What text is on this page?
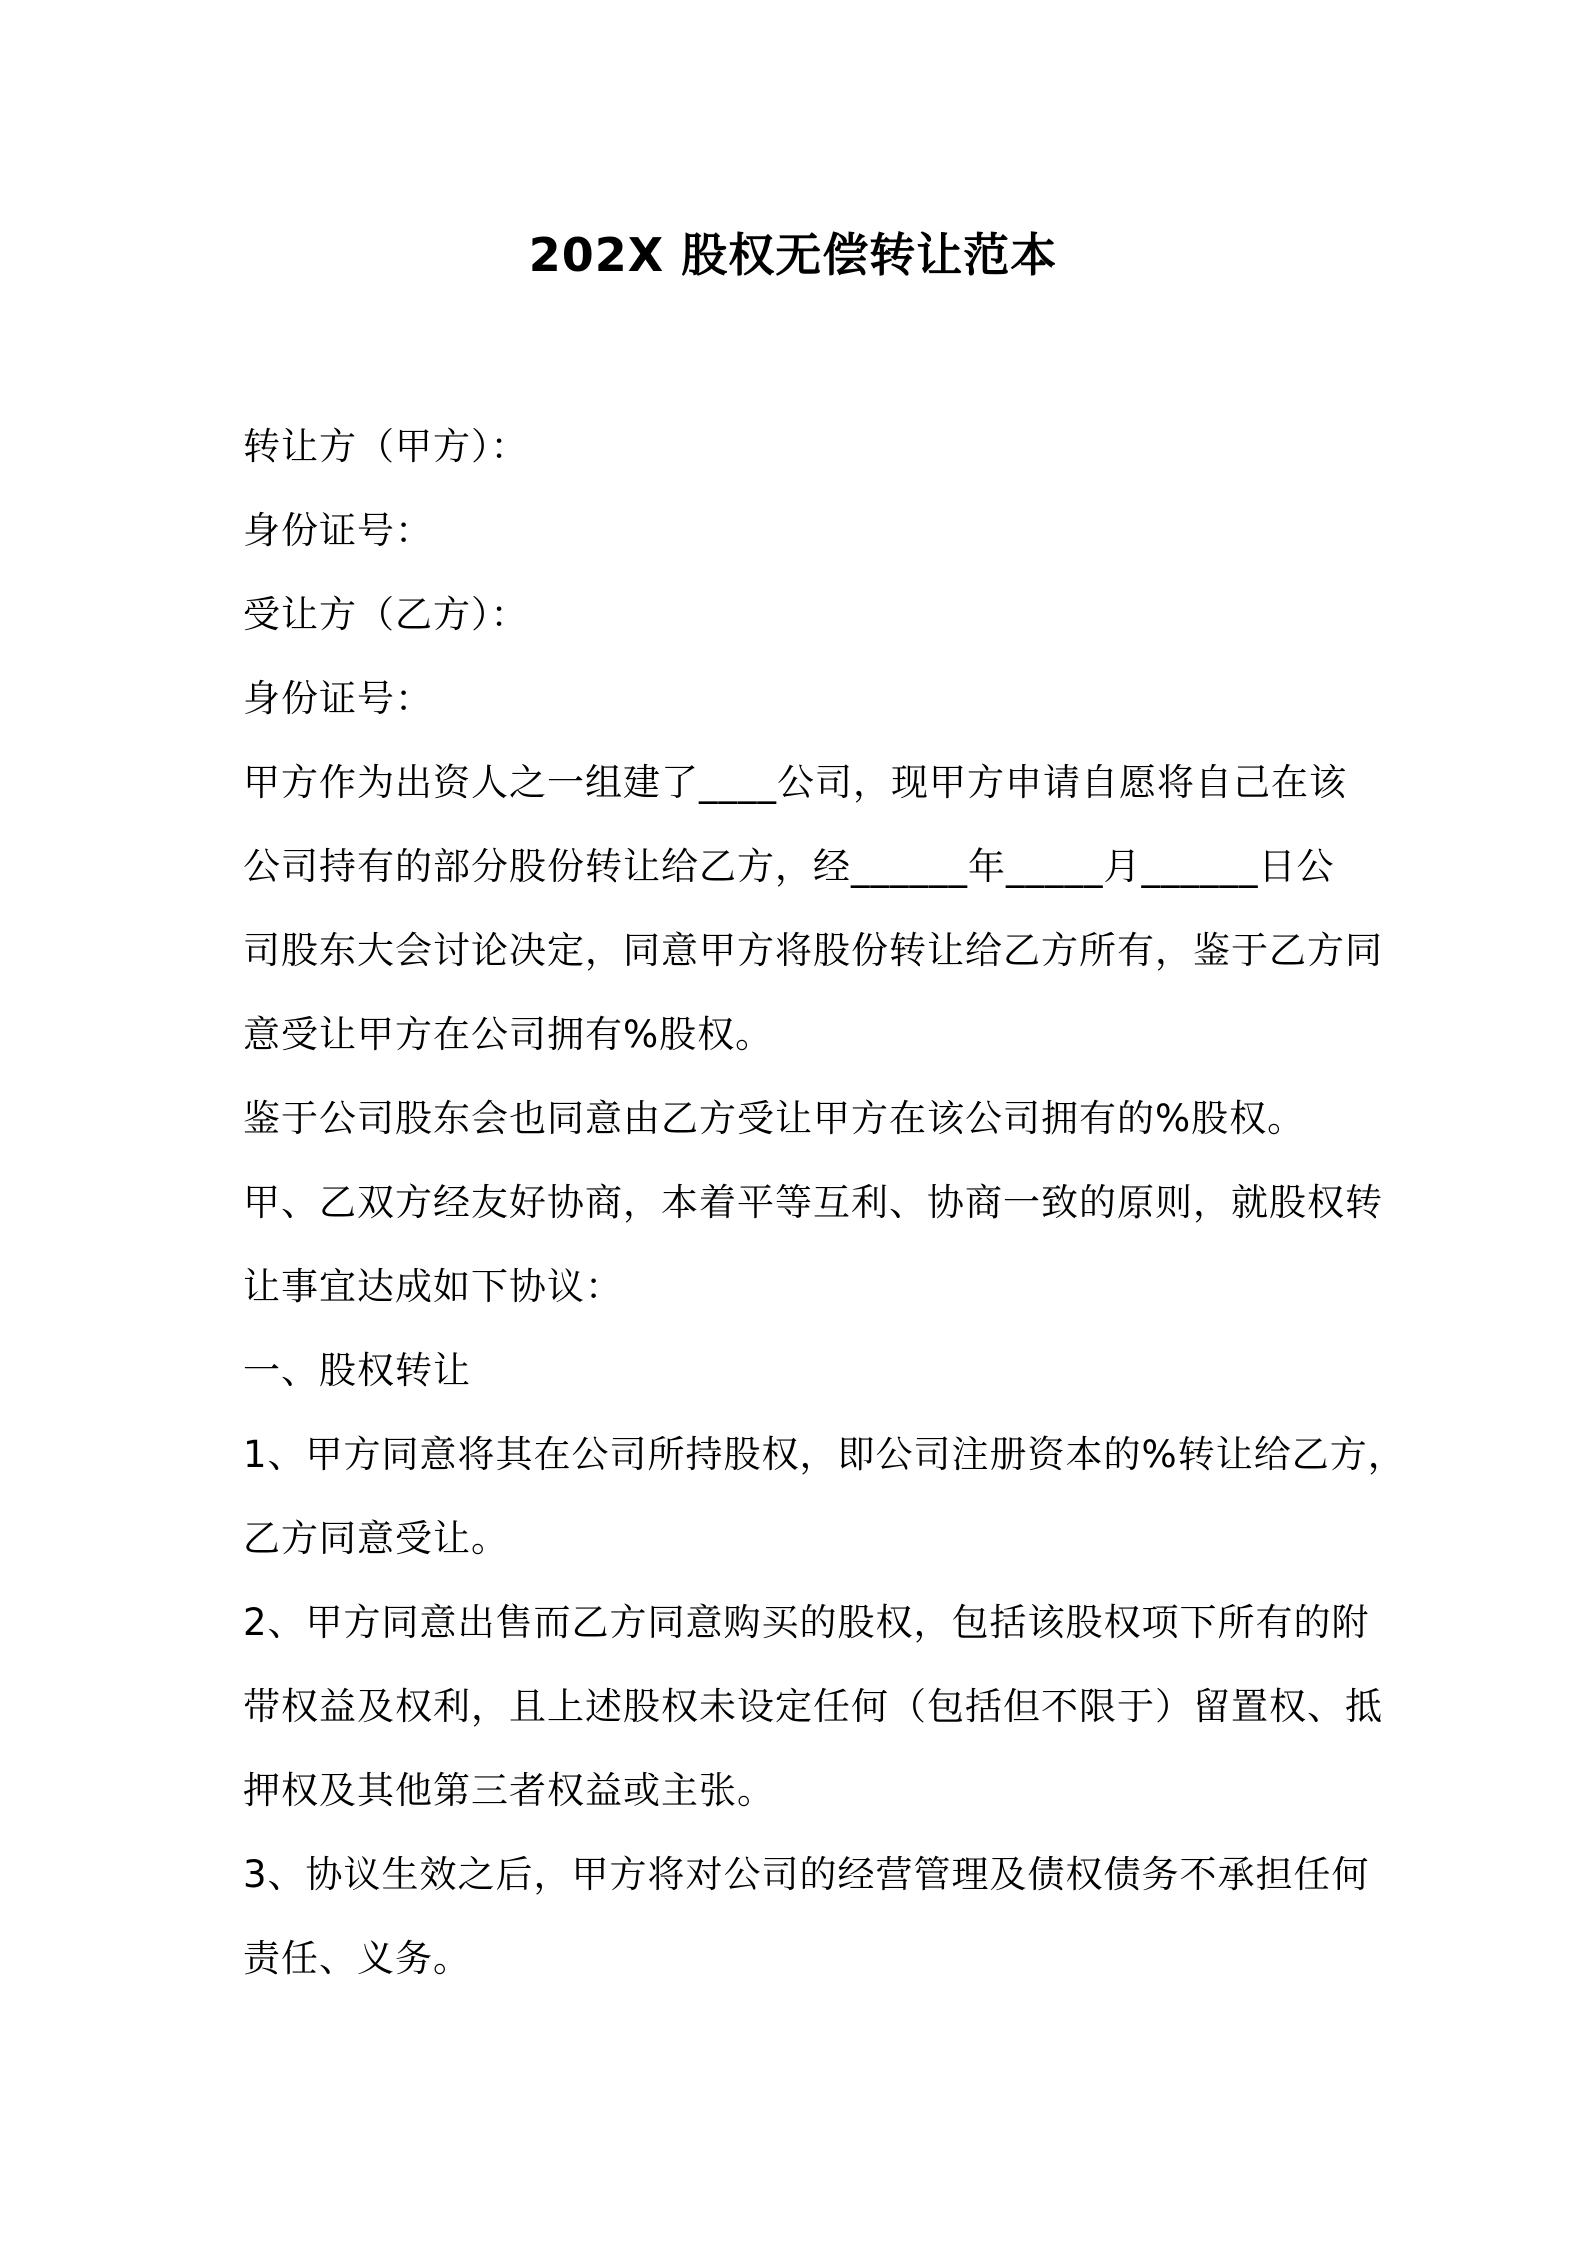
202X 股权无偿转让范本
转让方（甲方）：
身份证号：
受让方（乙方）：
身份证号：
甲方作为出资人之一组建了____公司，现甲方申请自愿将自己在该
公司持有的部分股份转让给乙方，经______年_____月______日公
司股东大会讨论决定，同意甲方将股份转让给乙方所有，鉴于乙方同
意受让甲方在公司拥有%股权。
鉴于公司股东会也同意由乙方受让甲方在该公司拥有的%股权。
甲、乙双方经友好协商，本着平等互利、协商一致的原则，就股权转
让事宜达成如下协议：
一、股权转让
1、甲方同意将其在公司所持股权，即公司注册资本的%转让给乙方，
乙方同意受让。
2、甲方同意出售而乙方同意购买的股权，包括该股权项下所有的附
带权益及权利，且上述股权未设定任何（包括但不限于）留置权、抵
押权及其他第三者权益或主张。
3、协议生效之后，甲方将对公司的经营管理及债权债务不承担任何
责任、义务。
